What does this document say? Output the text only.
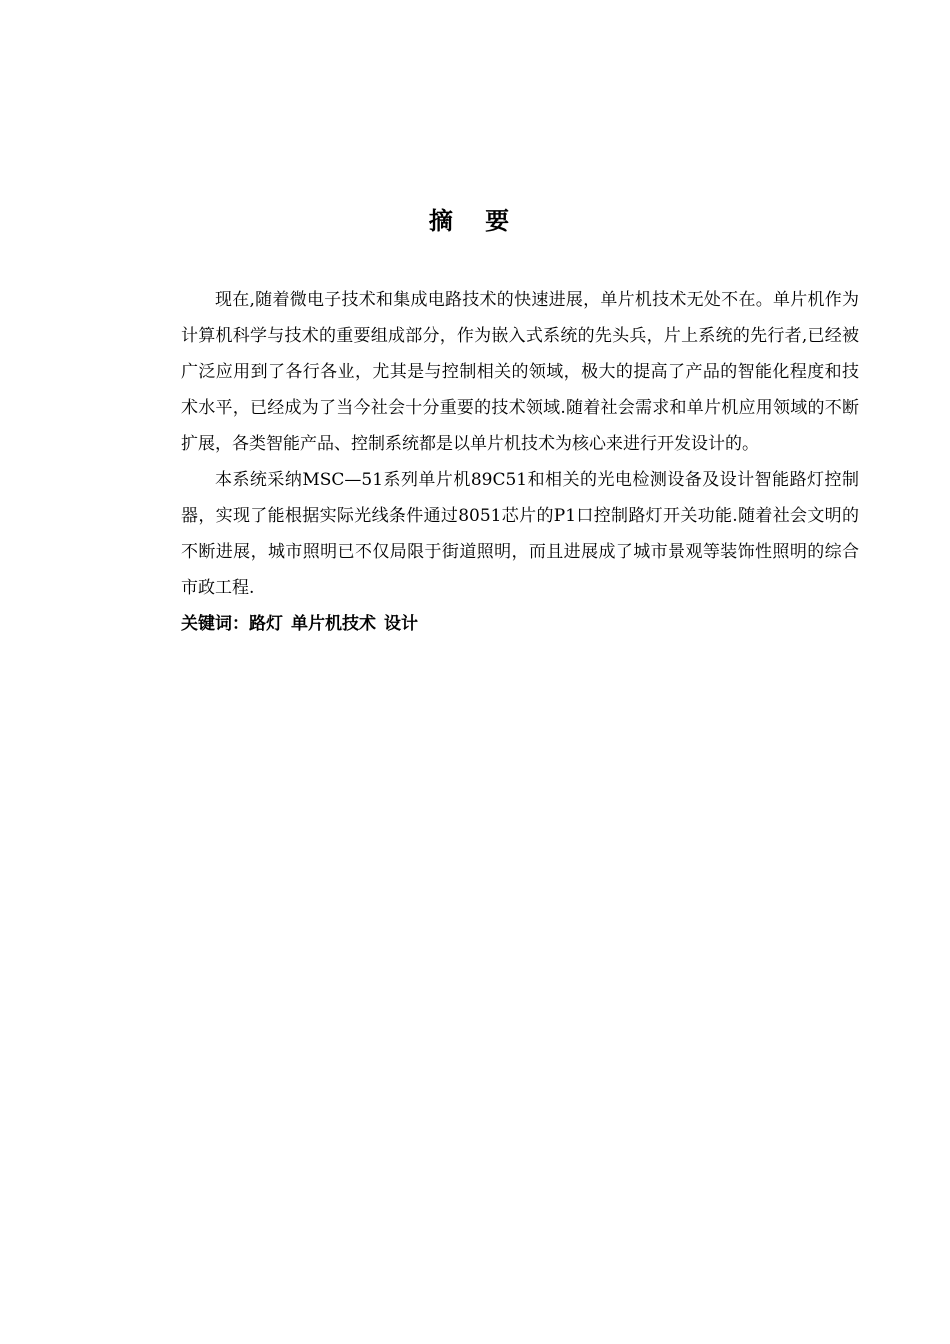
摘 要

现在,随着微电子技术和集成电路技术的快速进展，单片机技术无处不在。单片机作为计算机科学与技术的重要组成部分，作为嵌入式系统的先头兵，片上系统的先行者,已经被广泛应用到了各行各业，尤其是与控制相关的领域，极大的提高了产品的智能化程度和技术水平，已经成为了当今社会十分重要的技术领域.随着社会需求和单片机应用领域的不断扩展，各类智能产品、控制系统都是以单片机技术为核心来进行开发设计的。

本系统采纳MSC—51系列单片机89C51和相关的光电检测设备及设计智能路灯控制器，实现了能根据实际光线条件通过8051芯片的P1口控制路灯开关功能.随着社会文明的不断进展，城市照明已不仅局限于街道照明，而且进展成了城市景观等装饰性照明的综合市政工程.

关键词：路灯 单片机技术 设计
